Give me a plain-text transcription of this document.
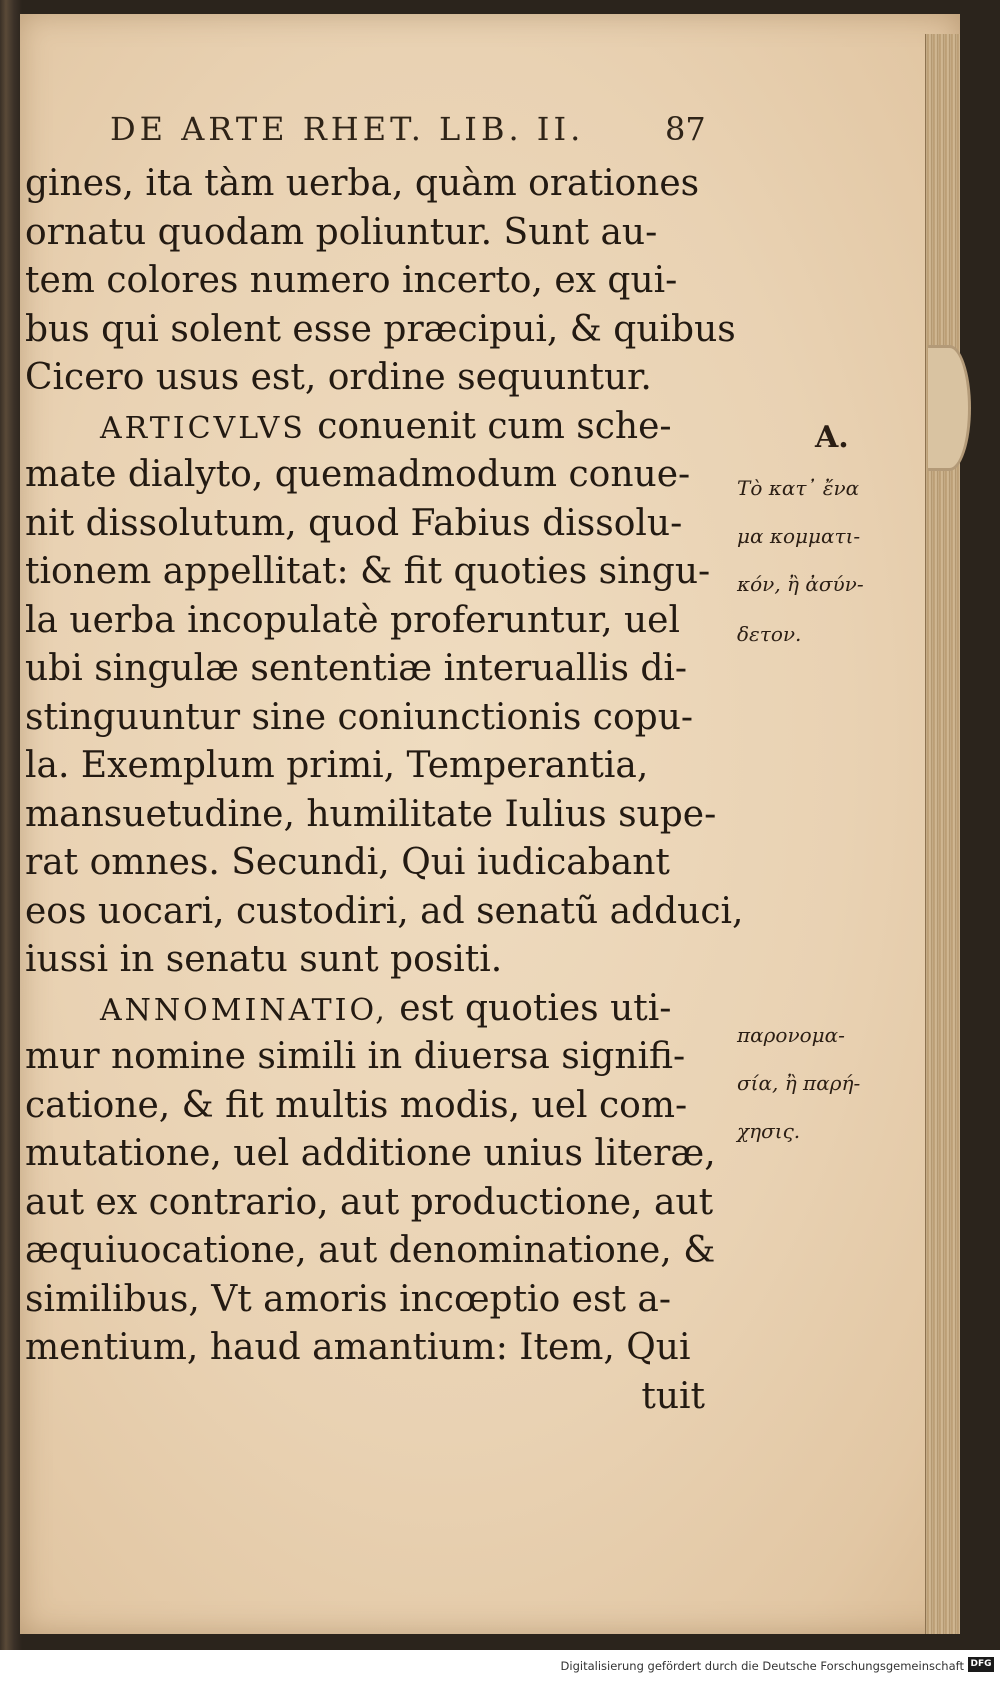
DE ARTE RHET. LIB. II.	87
gines, ita tàm uerba, quàm orationes
ornatu quodam poliuntur. Sunt au-
tem colores numero incerto, ex qui-
bus qui solent esse præcipui, & quibus
Cicero usus est, ordine sequuntur.
ARTICVLVS conuenit cum sche-
mate dialyto, quemadmodum conue-
nit dissolutum, quod Fabius dissolu-
tionem appellitat: & fit quoties singu-
la uerba incopulatè proferuntur, uel
ubi singulæ sententiæ interuallis di-
stinguuntur sine coniunctionis copu-
la. Exemplum primi, Temperantia,
mansuetudine, humilitate Iulius supe-
rat omnes. Secundi, Qui iudicabant
eos uocari, custodiri, ad senatũ adduci,
iussi in senatu sunt positi.
ANNOMINATIO, est quoties uti-
mur nomine simili in diuersa signifi-
catione, & fit multis modis, uel com-
mutatione, uel additione unius literæ,
aut ex contrario, aut productione, aut
æquiuocatione, aut denominatione, &
similibus, Vt amoris incœptio est a-
mentium, haud amantium: Item, Qui
tuit
A.
Τὸ κατ᾽ ἔνα
μα κομματι-
κόν, ἢ ἀσύν-
δετον.
παρονομα-
σία, ἢ παρή-
χησις.
Digitalisierung gefördert durch die Deutsche Forschungsgemeinschaft DFG
